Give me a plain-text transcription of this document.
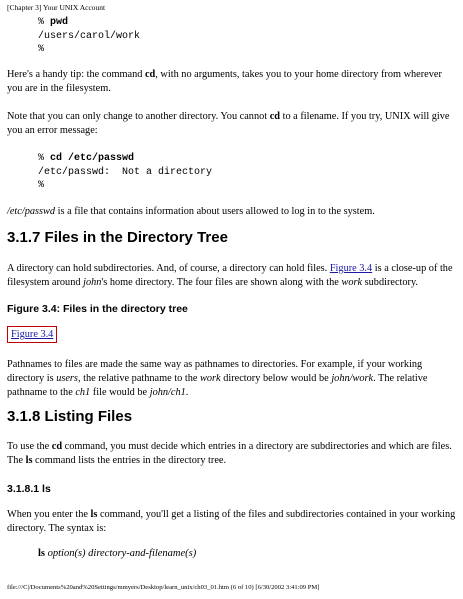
[Chapter 3] Your UNIX Account
% pwd
/users/carol/work
%
Here's a handy tip: the command cd, with no arguments, takes you to your home directory from wherever you are in the filesystem.
Note that you can only change to another directory. You cannot cd to a filename. If you try, UNIX will give you an error message:
% cd /etc/passwd
/etc/passwd:  Not a directory
%
/etc/passwd is a file that contains information about users allowed to log in to the system.
3.1.7 Files in the Directory Tree
A directory can hold subdirectories. And, of course, a directory can hold files. Figure 3.4 is a close-up of the filesystem around john's home directory. The four files are shown along with the work subdirectory.
Figure 3.4: Files in the directory tree
Figure 3.4
Pathnames to files are made the same way as pathnames to directories. For example, if your working directory is users, the relative pathname to the work directory below would be john/work. The relative pathname to the ch1 file would be john/ch1.
3.1.8 Listing Files
To use the cd command, you must decide which entries in a directory are subdirectories and which are files. The ls command lists the entries in the directory tree.
3.1.8.1 ls
When you enter the ls command, you'll get a listing of the files and subdirectories contained in your working directory. The syntax is:
ls option(s) directory-and-filename(s)
file:///C|/Documents%20and%20Settings/mmyers/Desktop/learn_unix/ch03_01.htm (6 of 10) [6/30/2002 3:41:09 PM]
